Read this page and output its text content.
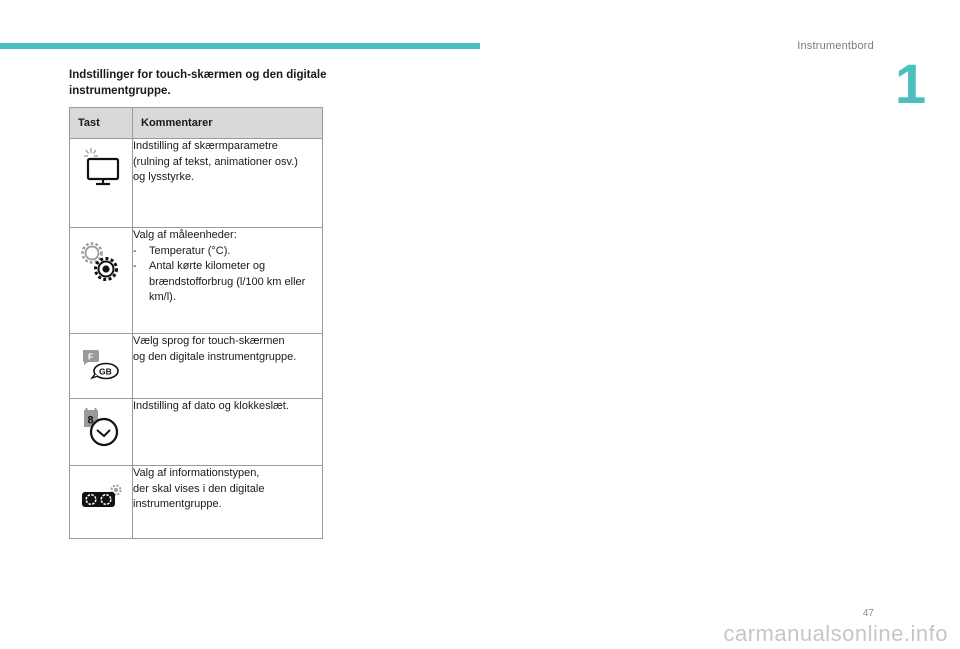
Instrumentbord
1
Indstillinger for touch-skærmen og den digitale instrumentgruppe.
Tast	Kommentarer

Indstilling af skærmparametre
(rulning af tekst, animationer osv.)
og lysstyrke.

Valg af måleenheder:
- Temperatur (°C).
- Antal kørte kilometer og brændstofforbrug (l/100 km eller km/l).

F
GB	Vælg sprog for touch-skærmen
og den digitale instrumentgruppe.

8	Indstilling af dato og klokkeslæt.

Valg af informationstypen,
der skal vises i den digitale
instrumentgruppe.
47
carmanualsonline.info
